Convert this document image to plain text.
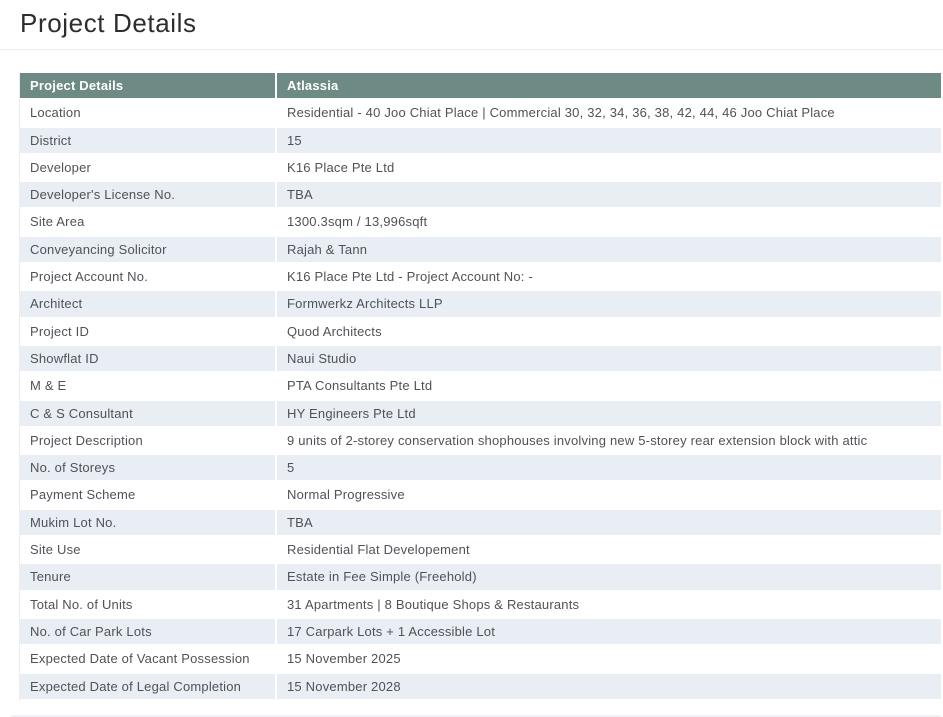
Project Details
Project Details	Atlassia
Location	Residential - 40 Joo Chiat Place | Commercial 30, 32, 34, 36, 38, 42, 44, 46 Joo Chiat Place
District	15
Developer	K16 Place Pte Ltd
Developer's License No.	TBA
Site Area	1300.3sqm / 13,996sqft
Conveyancing Solicitor	Rajah & Tann
Project Account No.	K16 Place Pte Ltd - Project Account No: -
Architect	Formwerkz Architects LLP
Project ID	Quod Architects
Showflat ID	Naui Studio
M & E	PTA Consultants Pte Ltd
C & S Consultant	HY Engineers Pte Ltd
Project Description	9 units of 2-storey conservation shophouses involving new 5-storey rear extension block with attic
No. of Storeys	5
Payment Scheme	Normal Progressive
Mukim Lot No.	TBA
Site Use	Residential Flat Developement
Tenure	Estate in Fee Simple (Freehold)
Total No. of Units	31 Apartments | 8 Boutique Shops & Restaurants
No. of Car Park Lots	17 Carpark Lots + 1 Accessible Lot
Expected Date of Vacant Possession	15 November 2025
Expected Date of Legal Completion	15 November 2028
